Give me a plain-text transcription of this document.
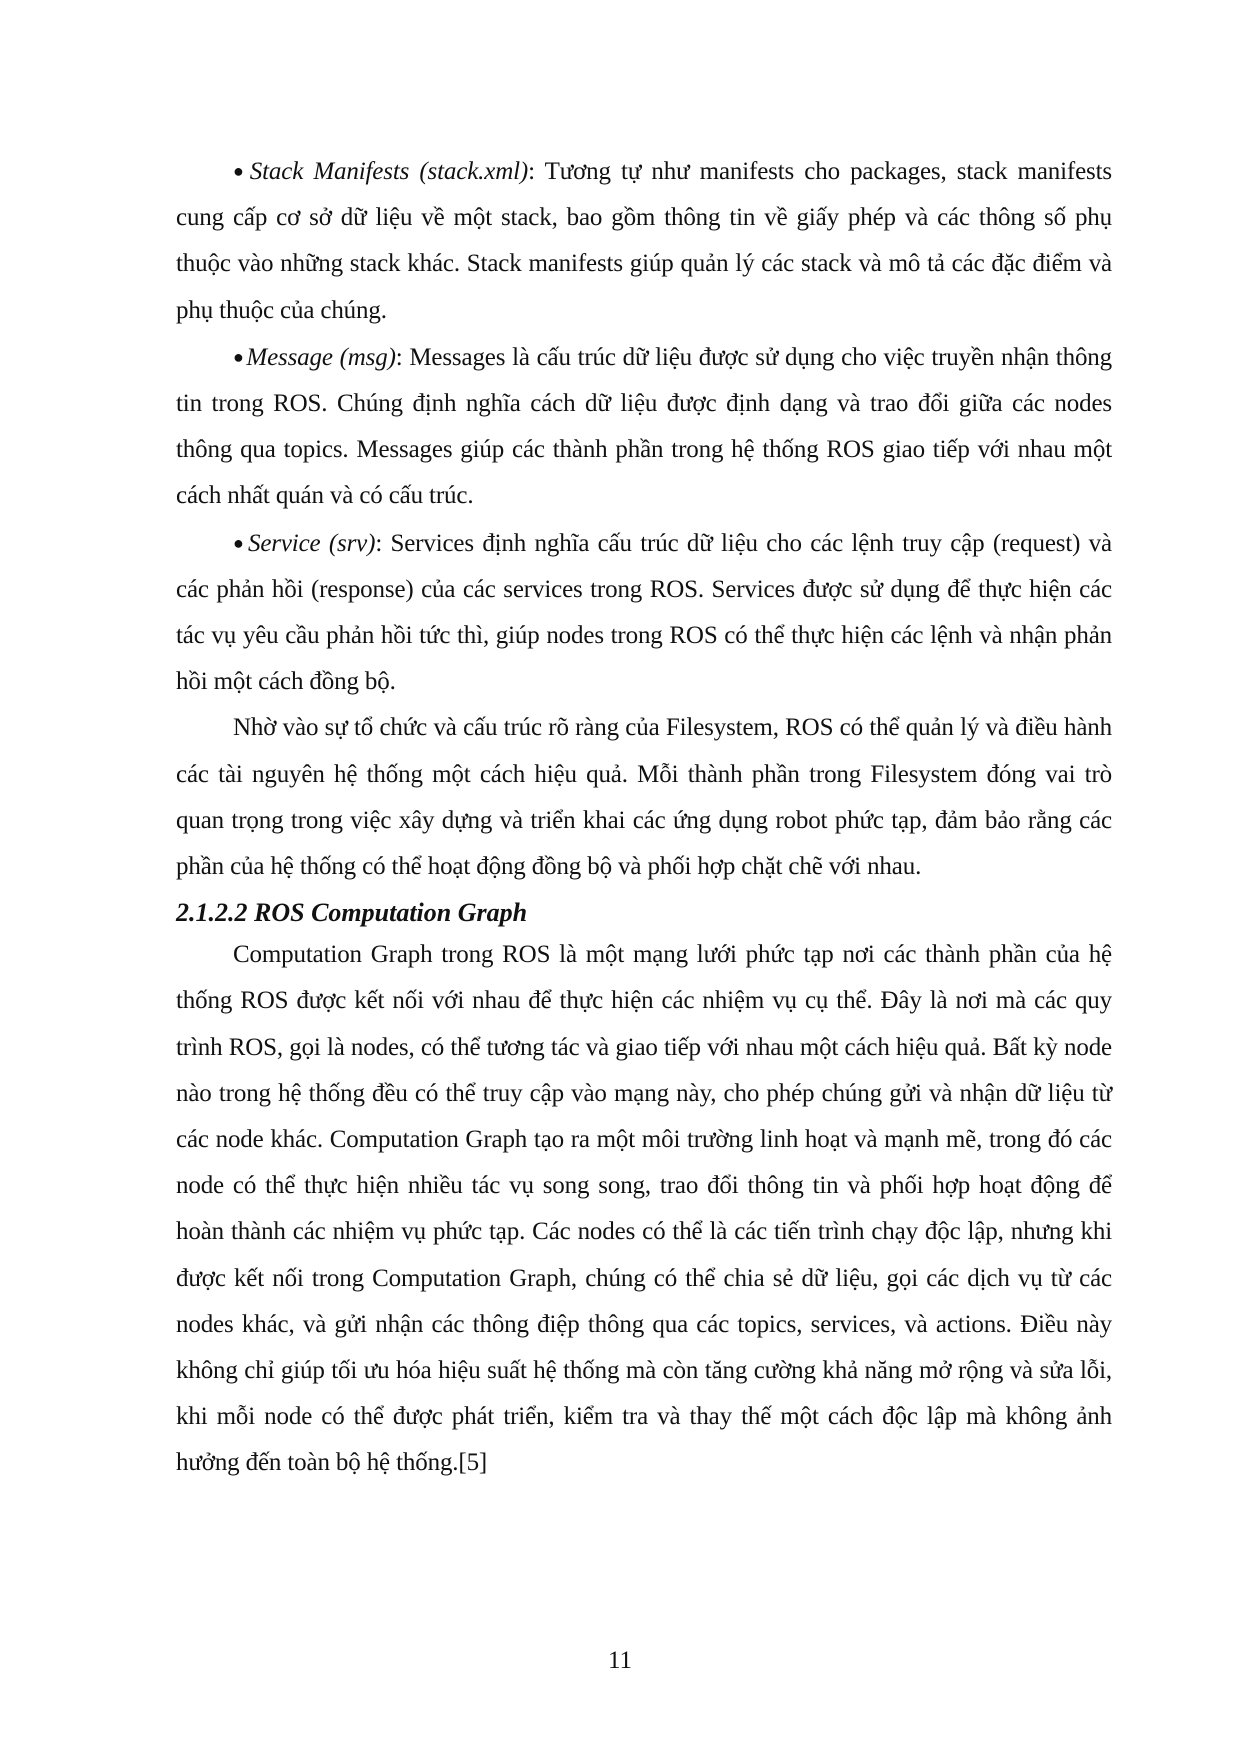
●Stack Manifests (stack.xml): Tương tự như manifests cho packages, stack manifests cung cấp cơ sở dữ liệu về một stack, bao gồm thông tin về giấy phép và các thông số phụ thuộc vào những stack khác. Stack manifests giúp quản lý các stack và mô tả các đặc điểm và phụ thuộc của chúng.

●Message (msg): Messages là cấu trúc dữ liệu được sử dụng cho việc truyền nhận thông tin trong ROS. Chúng định nghĩa cách dữ liệu được định dạng và trao đổi giữa các nodes thông qua topics. Messages giúp các thành phần trong hệ thống ROS giao tiếp với nhau một cách nhất quán và có cấu trúc.

●Service (srv): Services định nghĩa cấu trúc dữ liệu cho các lệnh truy cập (request) và các phản hồi (response) của các services trong ROS. Services được sử dụng để thực hiện các tác vụ yêu cầu phản hồi tức thì, giúp nodes trong ROS có thể thực hiện các lệnh và nhận phản hồi một cách đồng bộ.

Nhờ vào sự tổ chức và cấu trúc rõ ràng của Filesystem, ROS có thể quản lý và điều hành các tài nguyên hệ thống một cách hiệu quả. Mỗi thành phần trong Filesystem đóng vai trò quan trọng trong việc xây dựng và triển khai các ứng dụng robot phức tạp, đảm bảo rằng các phần của hệ thống có thể hoạt động đồng bộ và phối hợp chặt chẽ với nhau.

2.1.2.2 ROS Computation Graph

Computation Graph trong ROS là một mạng lưới phức tạp nơi các thành phần của hệ thống ROS được kết nối với nhau để thực hiện các nhiệm vụ cụ thể. Đây là nơi mà các quy trình ROS, gọi là nodes, có thể tương tác và giao tiếp với nhau một cách hiệu quả. Bất kỳ node nào trong hệ thống đều có thể truy cập vào mạng này, cho phép chúng gửi và nhận dữ liệu từ các node khác. Computation Graph tạo ra một môi trường linh hoạt và mạnh mẽ, trong đó các node có thể thực hiện nhiều tác vụ song song, trao đổi thông tin và phối hợp hoạt động để hoàn thành các nhiệm vụ phức tạp. Các nodes có thể là các tiến trình chạy độc lập, nhưng khi được kết nối trong Computation Graph, chúng có thể chia sẻ dữ liệu, gọi các dịch vụ từ các nodes khác, và gửi nhận các thông điệp thông qua các topics, services, và actions. Điều này không chỉ giúp tối ưu hóa hiệu suất hệ thống mà còn tăng cường khả năng mở rộng và sửa lỗi, khi mỗi node có thể được phát triển, kiểm tra và thay thế một cách độc lập mà không ảnh hưởng đến toàn bộ hệ thống.[5]

11
